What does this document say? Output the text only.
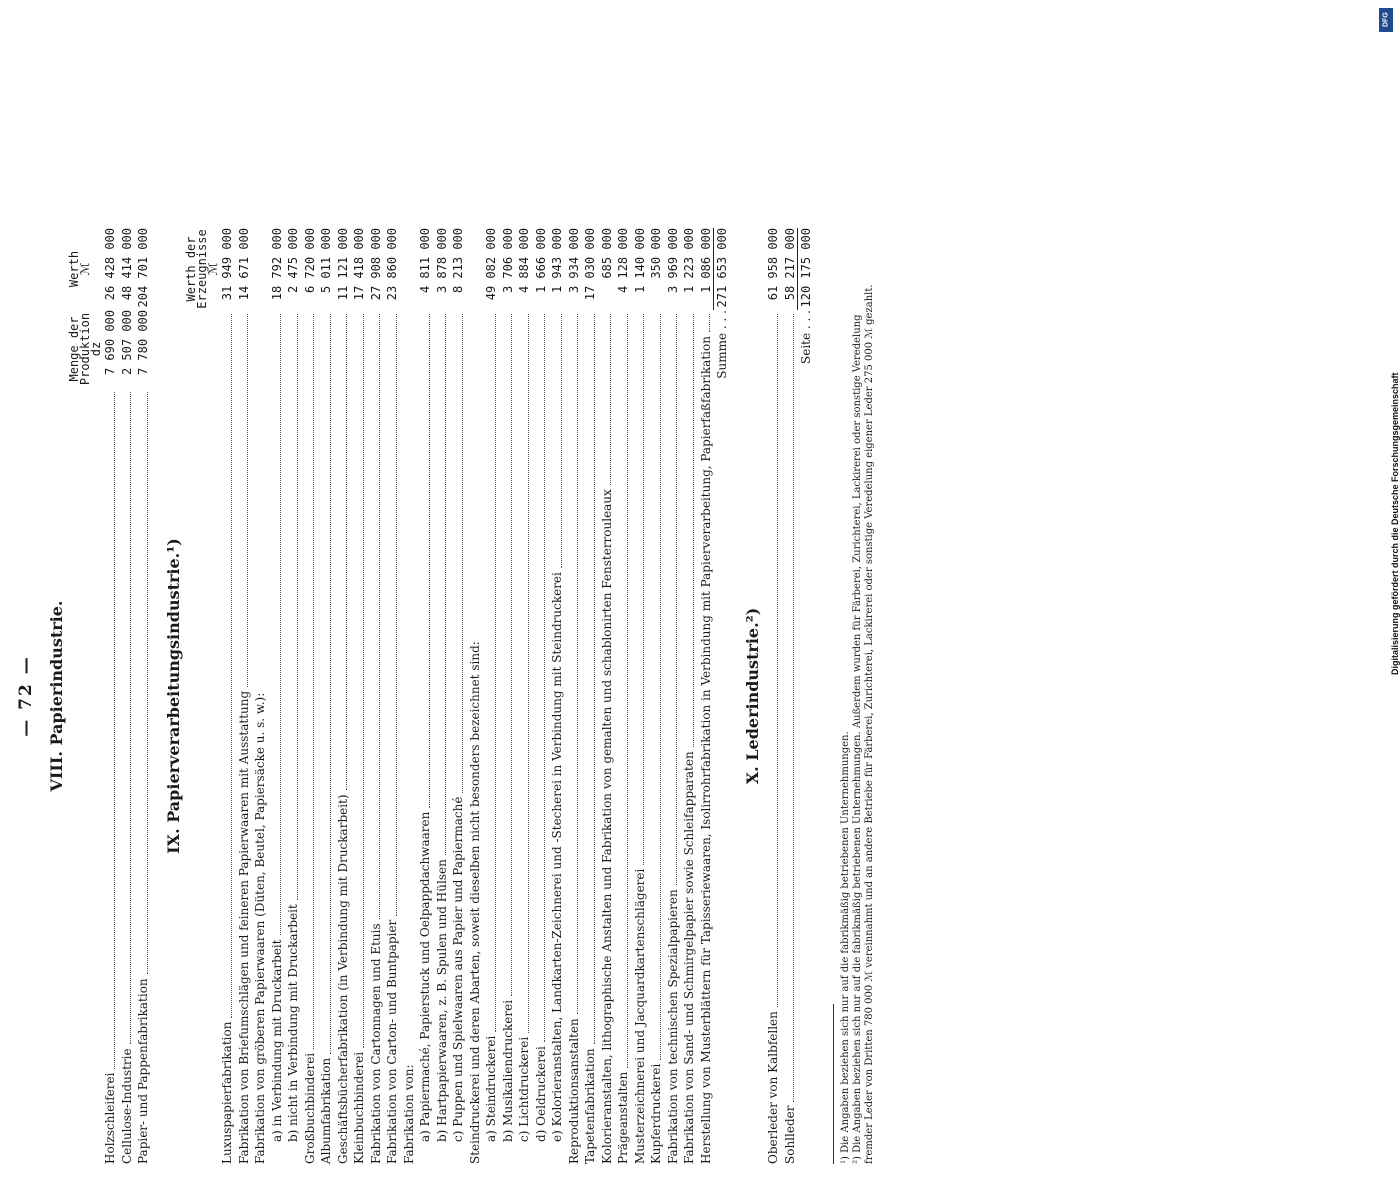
— 72 — VIII. Papierindustrie.
Menge der Produktion
dz
Werth
ℳ
Holzschleiferei
7 690 000
26 428 000
Cellulose-Industrie
2 507 000
48 414 000
Papier- und Pappenfabrikation
7 780 000
204 701 000
IX. Papierverarbeitungsindustrie.¹)
Werth der Erzeugnisse
ℳ
Luxuspapierfabrikation
31 949 000
Fabrikation von Briefumschlägen und feineren Papierwaaren mit Ausstattung
14 671 000
Fabrikation von gröberen Papierwaaren (Düten, Beutel, Papiersäcke u. s. w.): a) in Verbindung mit Druckarbeit
18 792 000
b) nicht in Verbindung mit Druckarbeit
2 475 000
Großbuchbinderei
6 720 000
Albumfabrikation
5 011 000
Geschäftsbücherfabrikation (in Verbindung mit Druckarbeit)
11 121 000
Kleinbuchbinderei
17 418 000
Fabrikation von Cartonnagen und Etuis
27 908 000
Fabrikation von Carton- und Buntpapier
23 860 000
Fabrikation von: a) Papiermaché, Papierstuck und Oelpappdachwaaren
4 811 000
b) Hartpapierwaaren, z. B. Spulen und Hülsen
3 878 000
c) Puppen und Spielwaaren aus Papier und Papiermaché
8 213 000
Steindruckerei und deren Abarten, soweit dieselben nicht besonders bezeichnet sind: a) Steindruckerei
49 082 000
b) Musikaliendruckerei
3 706 000
c) Lichtdruckerei
4 884 000
d) Oeldruckerei
1 666 000
e) Kolorieranstalten, Landkarten-Zeichnerei und -Stecherei in Verbindung mit Steindruckerei
1 943 000
Reproduktionsanstalten
3 934 000
Tapetenfabrikation
17 030 000
Kolorieranstalten, lithographische Anstalten und Fabrikation von gemalten und schablonirten Fensterrouleaux
685 000
Prägeanstalten
4 128 000
Musterzeichnerei und Jacquardkartenschlägerei
1 140 000
Kupferdruckerei
350 000
Fabrikation von technischen Spezialpapieren
3 969 000
Fabrikation von Sand- und Schmirgelpapier sowie Schleifapparaten
1 223 000
Herstellung von Musterblättern für Tapisseriewaaren, Isolirrohrfabrikation in Verbindung mit Papierverarbeitung, Papierfaßfabrikation
1 086 000
Summe . . .
271 653 000
X. Lederindustrie.²)
Oberleder von Kalbfellen
61 958 000
Sohlleder
58 217 000
Seite . . .
120 175 000
¹) Die Angaben beziehen sich nur auf die fabrikmäßig betriebenen Unternehmungen. ²) Die Angaben beziehen sich nur auf die fabrikmäßig betriebenen Unternehmungen. Außerdem wurden für Färberei, Zurichterei, Lackirerei oder sonstige Veredelung fremder Leder von Dritten 780 000 ℳ vereinnahmt und an andere Betriebe für Färberei, Zurichterei, Lackirerei oder sonstige Veredelung eigener Leder 275 000 ℳ gezahlt.
DFG
Digitalisierung gefördert durch die Deutsche Forschungsgemeinschaft
